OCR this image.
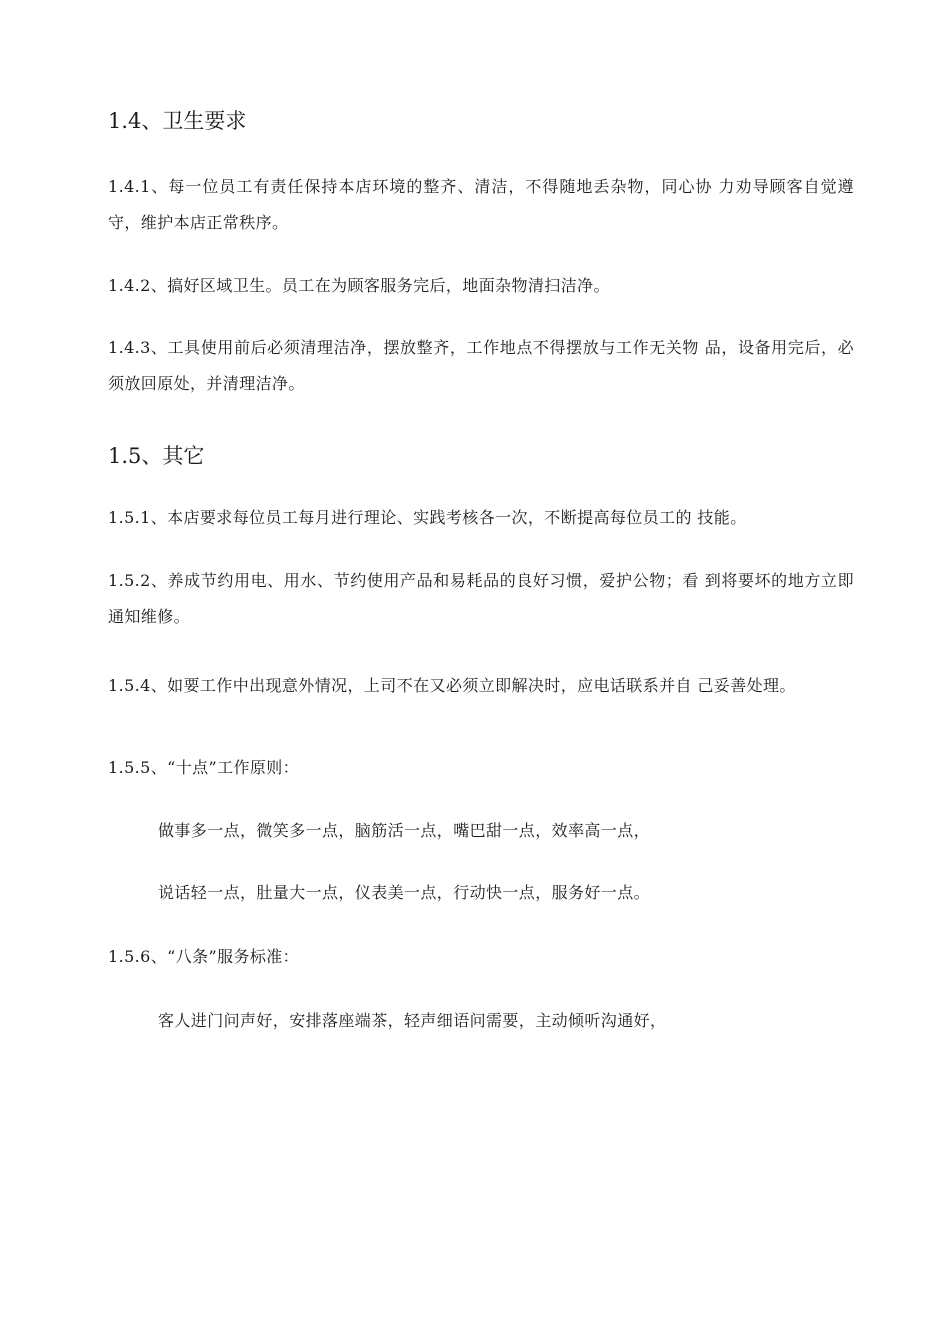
1.4、卫生要求
1.4.1、每一位员工有责任保持本店环境的整齐、清洁，不得随地丢杂物，同心协 力劝导顾客自觉遵守，维护本店正常秩序。
1.4.2、搞好区域卫生。员工在为顾客服务完后，地面杂物清扫洁净。
1.4.3、工具使用前后必须清理洁净，摆放整齐，工作地点不得摆放与工作无关物 品，设备用完后，必须放回原处，并清理洁净。
1.5、其它
1.5.1、本店要求每位员工每月进行理论、实践考核各一次，不断提高每位员工的 技能。
1.5.2、养成节约用电、用水、节约使用产品和易耗品的良好习惯，爱护公物；看 到将要坏的地方立即通知维修。
1.5.4、如要工作中出现意外情况，上司不在又必须立即解决时，应电话联系并自 己妥善处理。
1.5.5、“十点”工作原则：
做事多一点，微笑多一点，脑筋活一点，嘴巴甜一点，效率高一点，
说话轻一点，肚量大一点，仪表美一点，行动快一点，服务好一点。
1.5.6、“八条”服务标准：
客人进门问声好，安排落座端茶，轻声细语问需要，主动倾听沟通好，
